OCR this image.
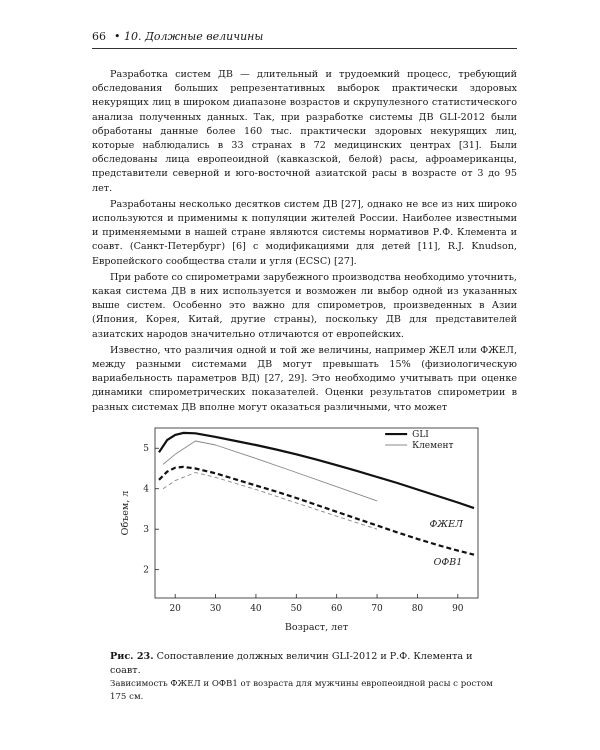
66 • 10. Должные величины

Разработка систем ДВ — длительный и трудоемкий процесс, требующий обследования больших репрезентативных выборок практически здоровых некурящих лиц в широком диапазоне возрастов и скрупулезного статистического анализа полученных данных. Так, при разработке системы ДВ GLI-2012 были обработаны данные более 160 тыс. практически здоровых некурящих лиц, которые наблюдались в 33 странах в 72 медицинских центрах [31]. Были обследованы лица европеоидной (кавказской, белой) расы, афроамериканцы, представители северной и юго-восточной азиатской расы в возрасте от 3 до 95 лет.

Разработаны несколько десятков систем ДВ [27], однако не все из них широко используются и применимы к популяции жителей России. Наиболее известными и применяемыми в нашей стране являются системы нормативов Р.Ф. Клемента и соавт. (Санкт-Петербург) [6] с модификациями для детей [11], R.J. Knudson, Европейского сообщества стали и угля (ECSC) [27].

При работе со спирометрами зарубежного производства необходимо уточнить, какая система ДВ в них используется и возможен ли выбор одной из указанных выше систем. Особенно это важно для спирометров, произведенных в Азии (Япония, Корея, Китай, другие страны), поскольку ДВ для представителей азиатских народов значительно отличаются от европейских.

Известно, что различия одной и той же величины, например ЖЕЛ или ФЖЕЛ, между разными системами ДВ могут превышать 15% (физиологическую вариабельность параметров ВД) [27, 29]. Это необходимо учитывать при оценке динамики спирометрических показателей. Оценки результатов спирометрии в разных системах ДВ вполне могут оказаться различными, что может

20	30	40	50	60	70	80	90
2
3
4
5
Возраст, лет
Объем, л	ФЖЕЛ
ОФВ1
GLI
Клемент
Рис. 23. Сопоставление должных величин GLI-2012 и Р.Ф. Клемента и соавт.
Зависимость ФЖЕЛ и ОФВ1 от возраста для мужчины европеоидной расы с ростом 175 см.
